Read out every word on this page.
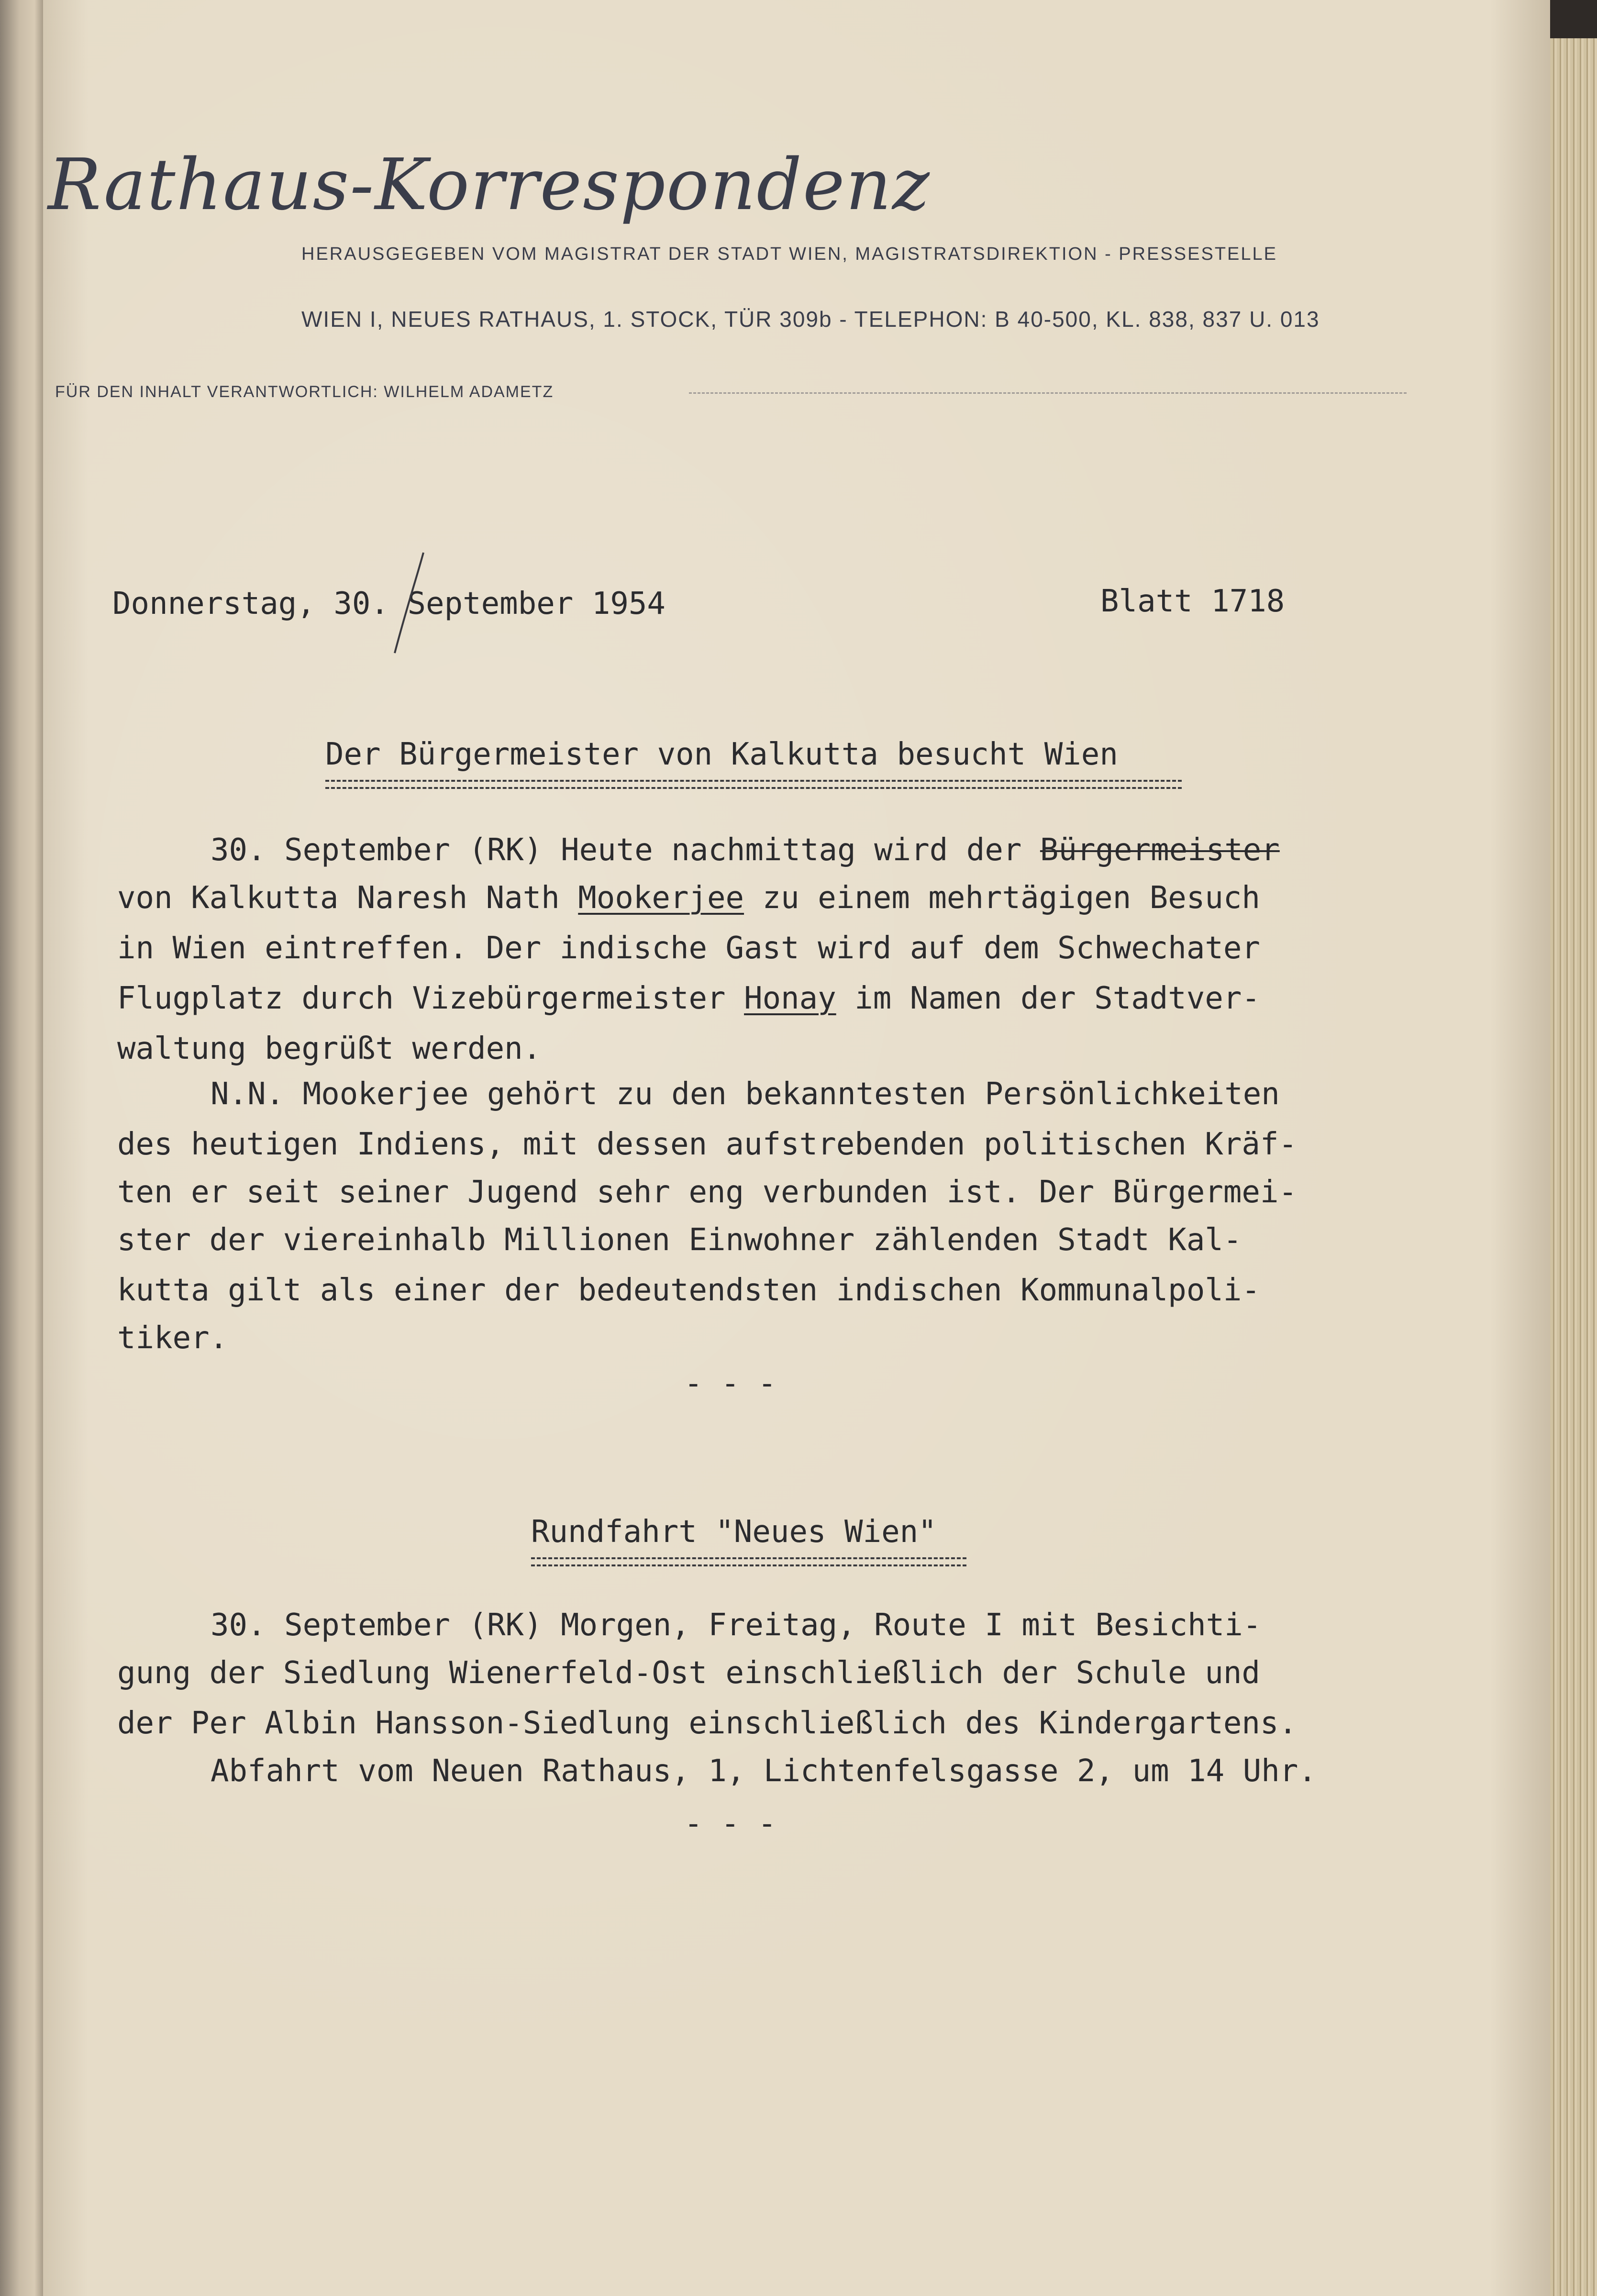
Rathaus-Korrespondenz
HERAUSGEGEBEN VOM MAGISTRAT DER STADT WIEN, MAGISTRATSDIREKTION - PRESSESTELLE
WIEN I, NEUES RATHAUS, 1. STOCK, TÜR 309b - TELEPHON: B 40-500, KL. 838, 837 U. 013
FÜR DEN INHALT VERANTWORTLICH: WILHELM ADAMETZ
Donnerstag, 30. September 1954	Blatt 1718
Der Bürgermeister von Kalkutta besucht Wien
30. September (RK) Heute nachmittag wird der Bürgermeister
von Kalkutta Naresh Nath Mookerjee zu einem mehrtägigen Besuch
in Wien eintreffen. Der indische Gast wird auf dem Schwechater
Flugplatz durch Vizebürgermeister Honay im Namen der Stadtver-
waltung begrüßt werden.
N.N. Mookerjee gehört zu den bekanntesten Persönlichkeiten
des heutigen Indiens, mit dessen aufstrebenden politischen Kräf-
ten er seit seiner Jugend sehr eng verbunden ist. Der Bürgermei-
ster der viereinhalb Millionen Einwohner zählenden Stadt Kal-
kutta gilt als einer der bedeutendsten indischen Kommunalpoli-
tiker.
- - -
Rundfahrt "Neues Wien"
30. September (RK) Morgen, Freitag, Route I mit Besichti-
gung der Siedlung Wienerfeld-Ost einschließlich der Schule und
der Per Albin Hansson-Siedlung einschließlich des Kindergartens.
Abfahrt vom Neuen Rathaus, 1, Lichtenfelsgasse 2, um 14 Uhr.
- - -
